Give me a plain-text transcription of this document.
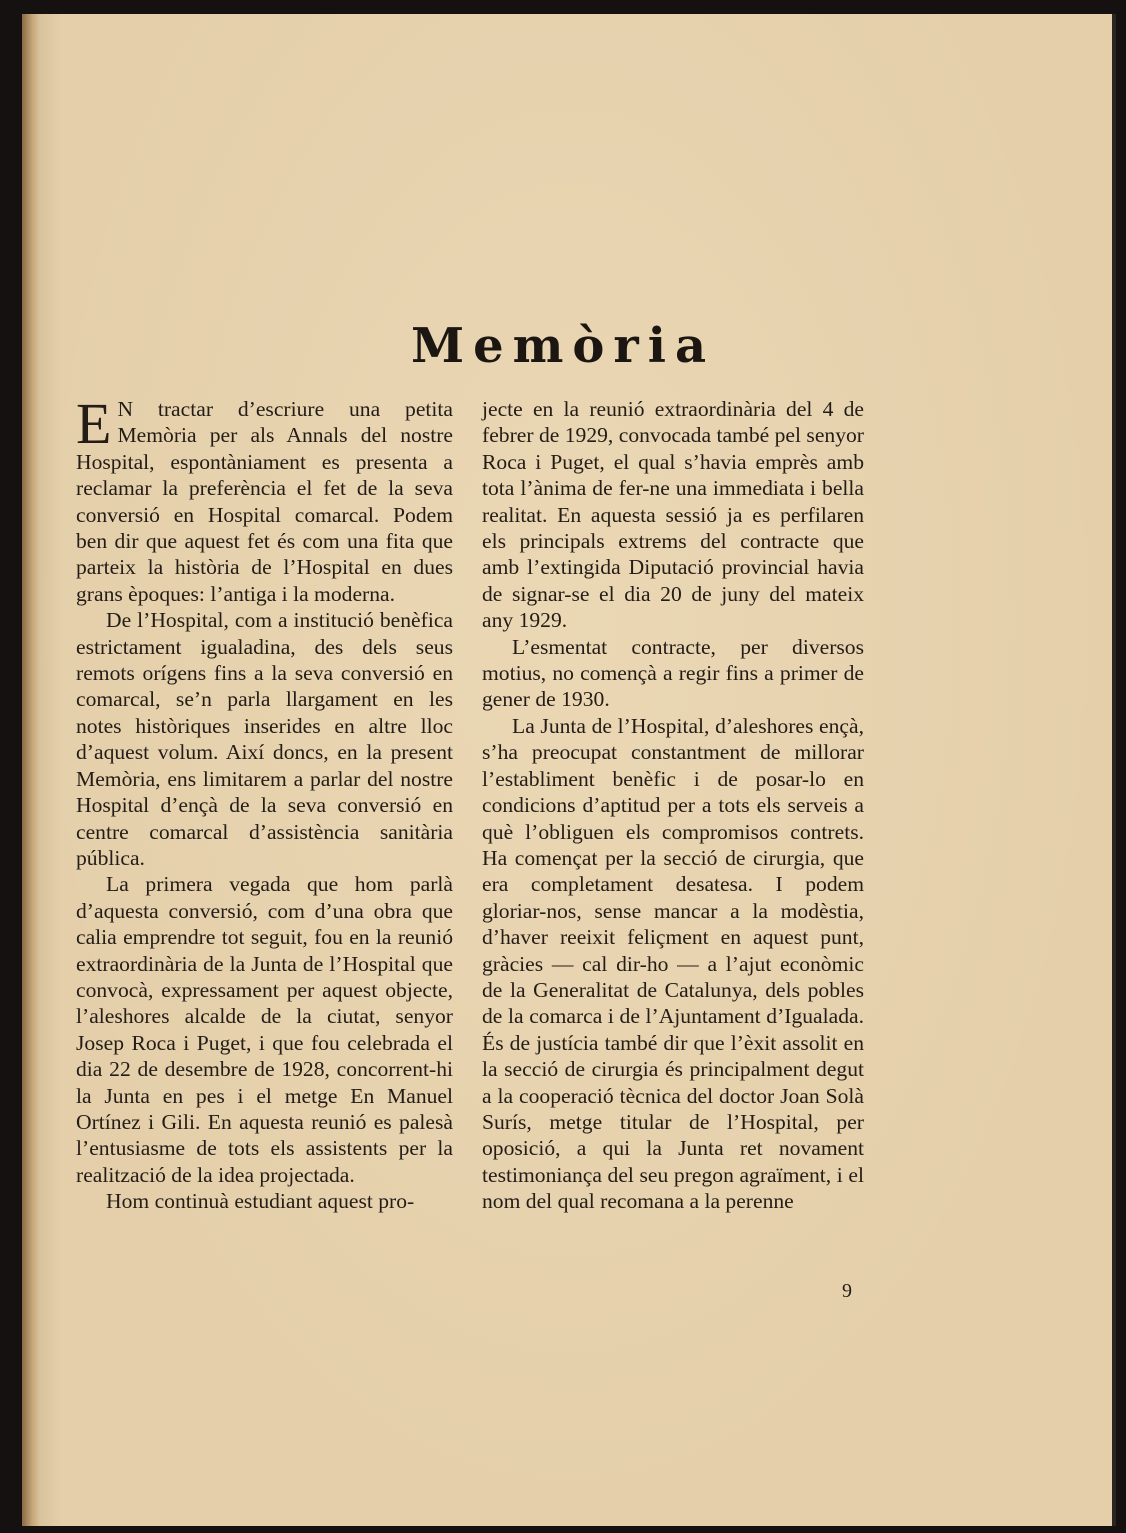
Memòria

E N tractar d’escriure una petita Memòria per als Annals del nostre Hospital, espontàniament es presenta a reclamar la preferència el fet de la seva conversió en Hospital comarcal. Podem ben dir que aquest fet és com una fita que parteix la història de l’Hospital en dues grans èpoques: l’antiga i la moderna.

De l’Hospital, com a institució benèfica estrictament igualadina, des dels seus remots orígens fins a la seva conversió en comarcal, se’n parla llargament en les notes històriques inserides en altre lloc d’aquest volum. Així doncs, en la present Memòria, ens limitarem a parlar del nostre Hospital d’ençà de la seva conversió en centre comarcal d’assistència sanitària pública.

La primera vegada que hom parlà d’aquesta conversió, com d’una obra que calia emprendre tot seguit, fou en la reunió extraordinària de la Junta de l’Hospital que convocà, expressament per aquest objecte, l’aleshores alcalde de la ciutat, senyor Josep Roca i Puget, i que fou celebrada el dia 22 de desembre de 1928, concorrent-hi la Junta en pes i el metge En Manuel Ortínez i Gili. En aquesta reunió es palesà l’entusiasme de tots els assistents per la realització de la idea projectada.

Hom continuà estudiant aquest pro-

jecte en la reunió extraordinària del 4 de febrer de 1929, convocada també pel senyor Roca i Puget, el qual s’havia emprès amb tota l’ànima de fer-ne una immediata i bella realitat. En aquesta sessió ja es perfilaren els principals extrems del contracte que amb l’extingida Diputació provincial havia de signar-se el dia 20 de juny del mateix any 1929.

L’esmentat contracte, per diversos motius, no començà a regir fins a primer de gener de 1930.

La Junta de l’Hospital, d’aleshores ençà, s’ha preocupat constantment de millorar l’establiment benèfic i de posar-lo en condicions d’aptitud per a tots els serveis a què l’obliguen els compromisos contrets. Ha començat per la secció de cirurgia, que era completament desatesa. I podem gloriar-nos, sense mancar a la modèstia, d’haver reeixit feliçment en aquest punt, gràcies — cal dir-ho — a l’ajut econòmic de la Generalitat de Catalunya, dels pobles de la comarca i de l’Ajuntament d’Igualada. És de justícia també dir que l’èxit assolit en la secció de cirurgia és principalment degut a la cooperació tècnica del doctor Joan Solà Surís, metge titular de l’Hospital, per oposició, a qui la Junta ret novament testimoniança del seu pregon agraïment, i el nom del qual recomana a la perenne

9
